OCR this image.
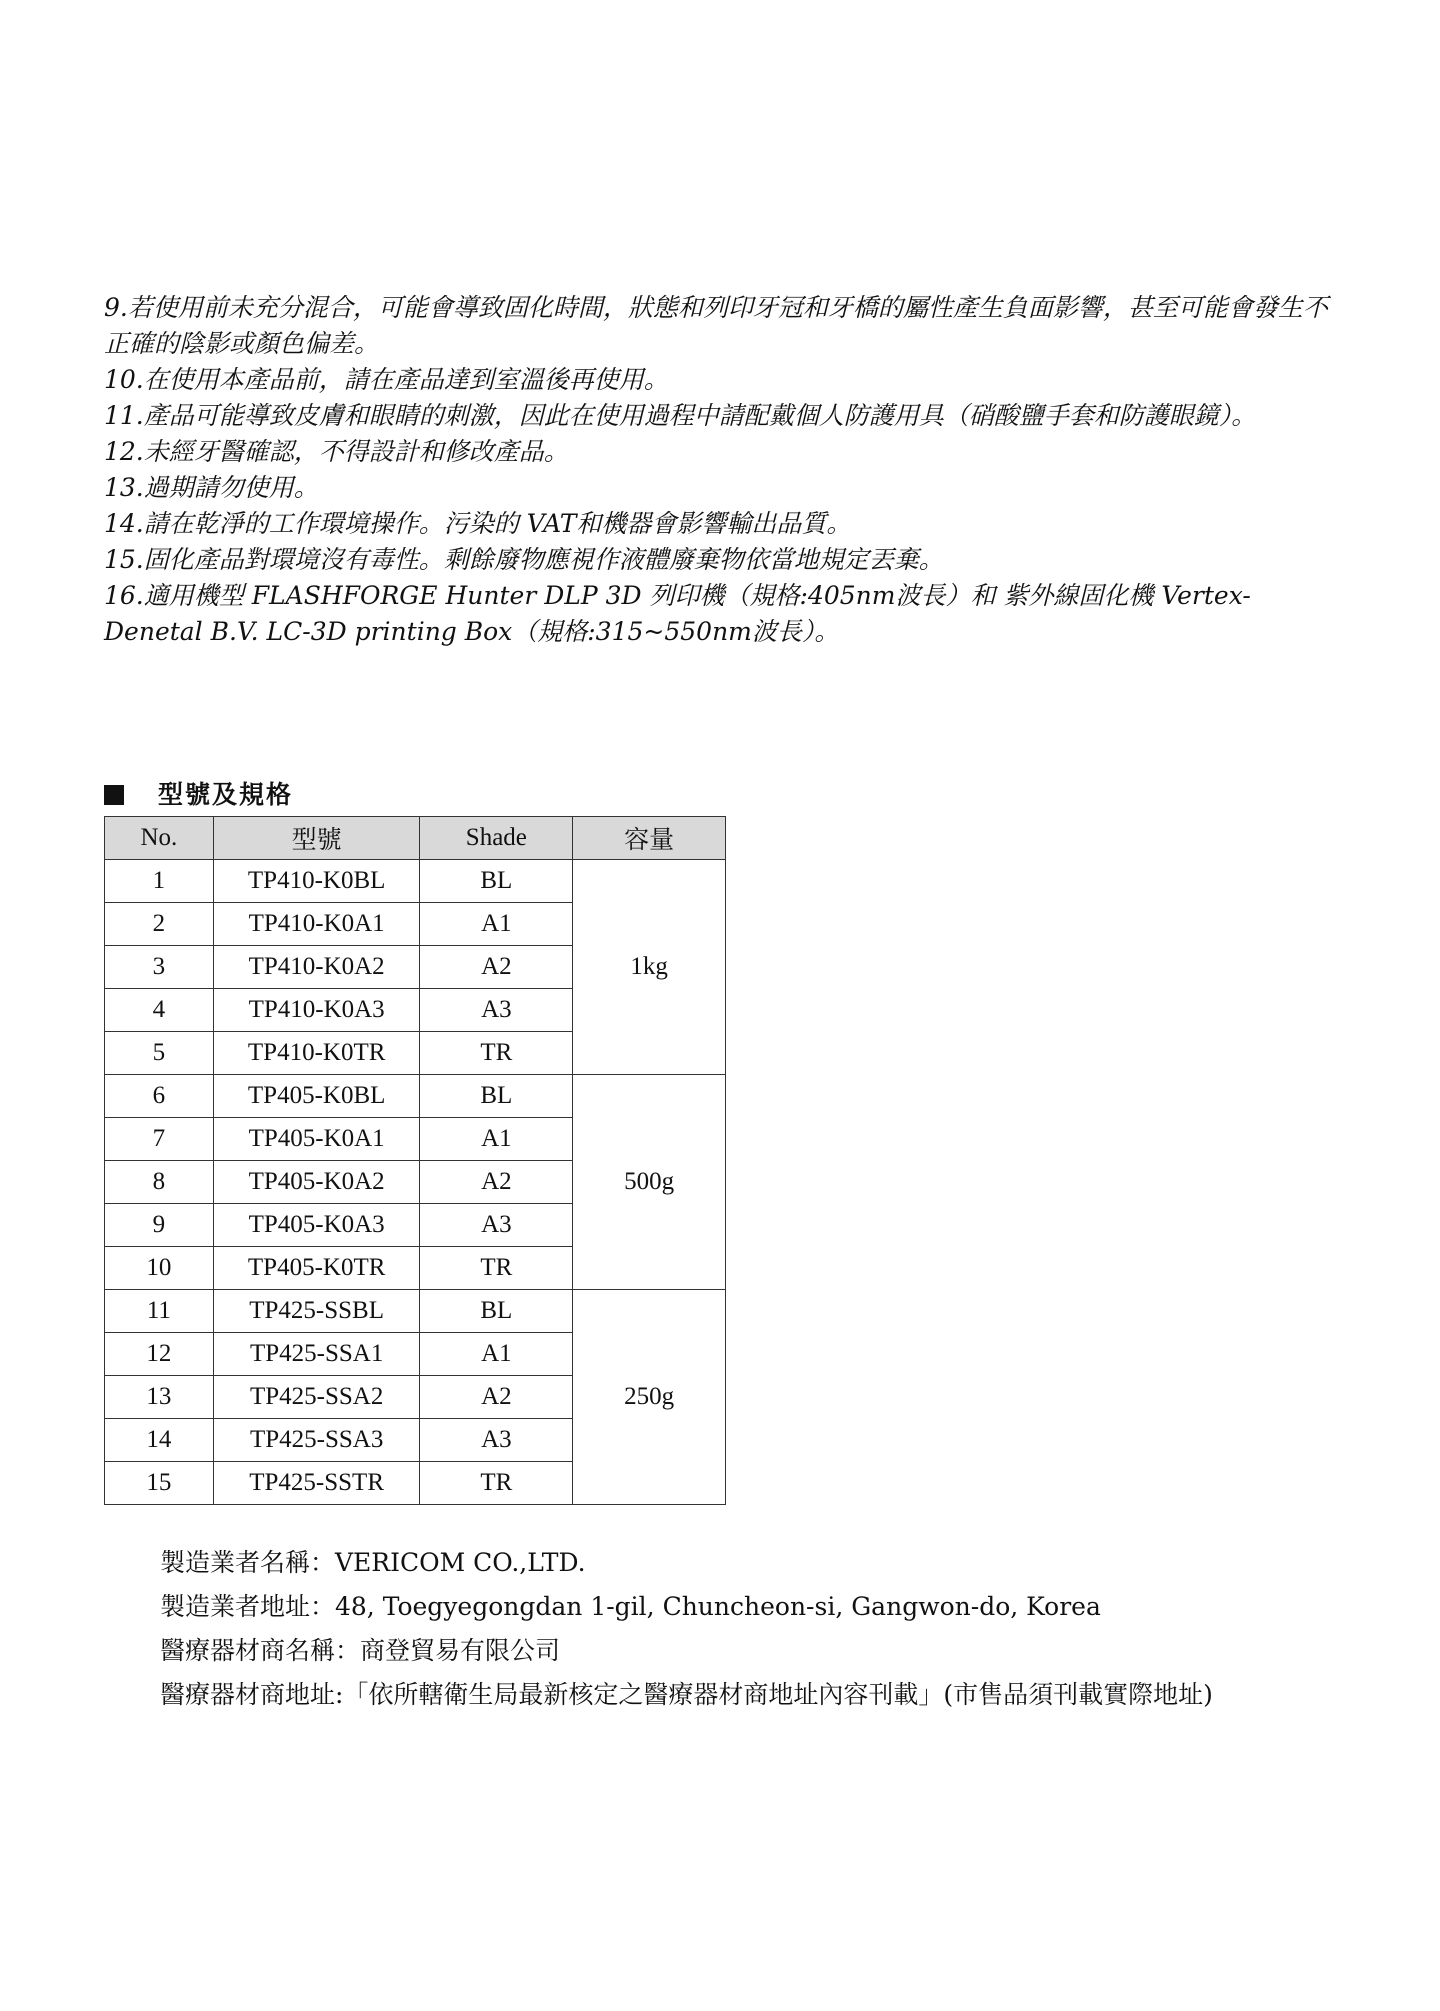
9.若使用前未充分混合，可能會導致固化時間，狀態和列印牙冠和牙橋的屬性產生負面影響，甚至可能會發生不正確的陰影或顏色偏差。

10.在使用本產品前，請在產品達到室溫後再使用。

11.產品可能導致皮膚和眼睛的刺激，因此在使用過程中請配戴個人防護用具（硝酸鹽手套和防護眼鏡）。

12.未經牙醫確認，不得設計和修改產品。

13.過期請勿使用。

14.請在乾淨的工作環境操作。污染的 VAT和機器會影響輸出品質。

15.固化產品對環境沒有毒性。剩餘廢物應視作液體廢棄物依當地規定丟棄。

16.適用機型 FLASHFORGE Hunter DLP 3D 列印機（規格:405nm波長）和 紫外線固化機 Vertex-Denetal B.V. LC-3D printing Box（規格:315~550nm波長）。

型號及規格
No.	型號	Shade	容量
1	TP410-K0BL	BL	1kg
2	TP410-K0A1	A1	
3	TP410-K0A2	A2	
4	TP410-K0A3	A3	
5	TP410-K0TR	TR	
6	TP405-K0BL	BL	500g
7	TP405-K0A1	A1	
8	TP405-K0A2	A2	
9	TP405-K0A3	A3	
10	TP405-K0TR	TR	
11	TP425-SSBL	BL	250g
12	TP425-SSA1	A1	
13	TP425-SSA2	A2	
14	TP425-SSA3	A3	
15	TP425-SSTR	TR	

製造業者名稱：VERICOM CO.,LTD.

製造業者地址：48, Toegyegongdan 1-gil, Chuncheon-si, Gangwon-do, Korea

醫療器材商名稱：商登貿易有限公司

醫療器材商地址:「依所轄衛生局最新核定之醫療器材商地址內容刊載」(市售品須刊載實際地址)
